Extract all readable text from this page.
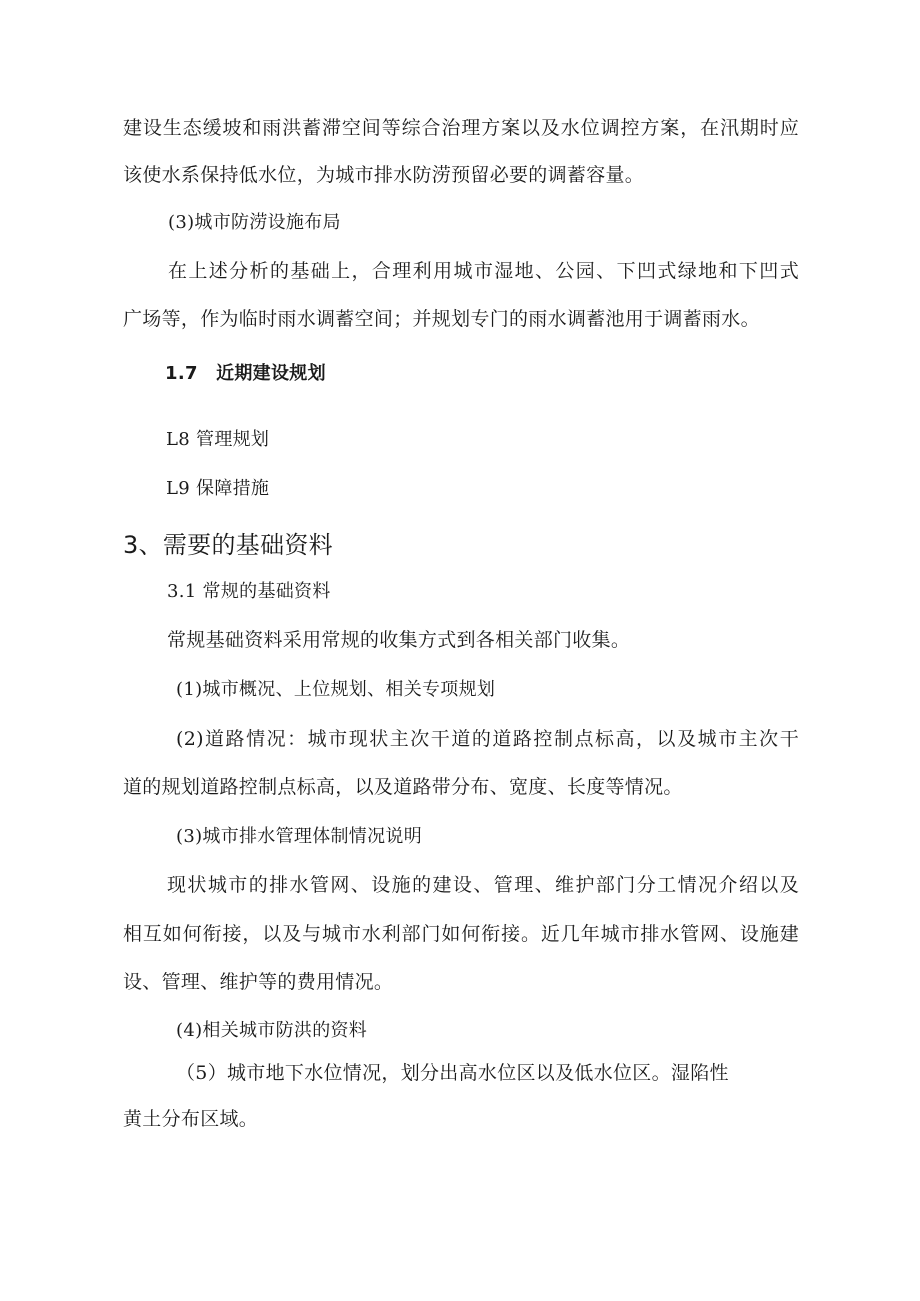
建设生态缓坡和雨洪蓄滞空间等综合治理方案以及水位调控方案，在汛期时应
该使水系保持低水位，为城市排水防涝预留必要的调蓄容量。
(3)城市防涝设施布局
在上述分析的基础上，合理利用城市湿地、公园、下凹式绿地和下凹式
广场等，作为临时雨水调蓄空间；并规划专门的雨水调蓄池用于调蓄雨水。
1.7　近期建设规划
L8 管理规划
L9 保障措施
3、需要的基础资料
3.1 常规的基础资料
常规基础资料采用常规的收集方式到各相关部门收集。
(1)城市概况、上位规划、相关专项规划
(2)道路情况：城市现状主次干道的道路控制点标高，以及城市主次干
道的规划道路控制点标高，以及道路带分布、宽度、长度等情况。
(3)城市排水管理体制情况说明
现状城市的排水管网、设施的建设、管理、维护部门分工情况介绍以及
相互如何衔接，以及与城市水利部门如何衔接。近几年城市排水管网、设施建
设、管理、维护等的费用情况。
(4)相关城市防洪的资料
（5）城市地下水位情况，划分出高水位区以及低水位区。湿陷性
黄土分布区域。
